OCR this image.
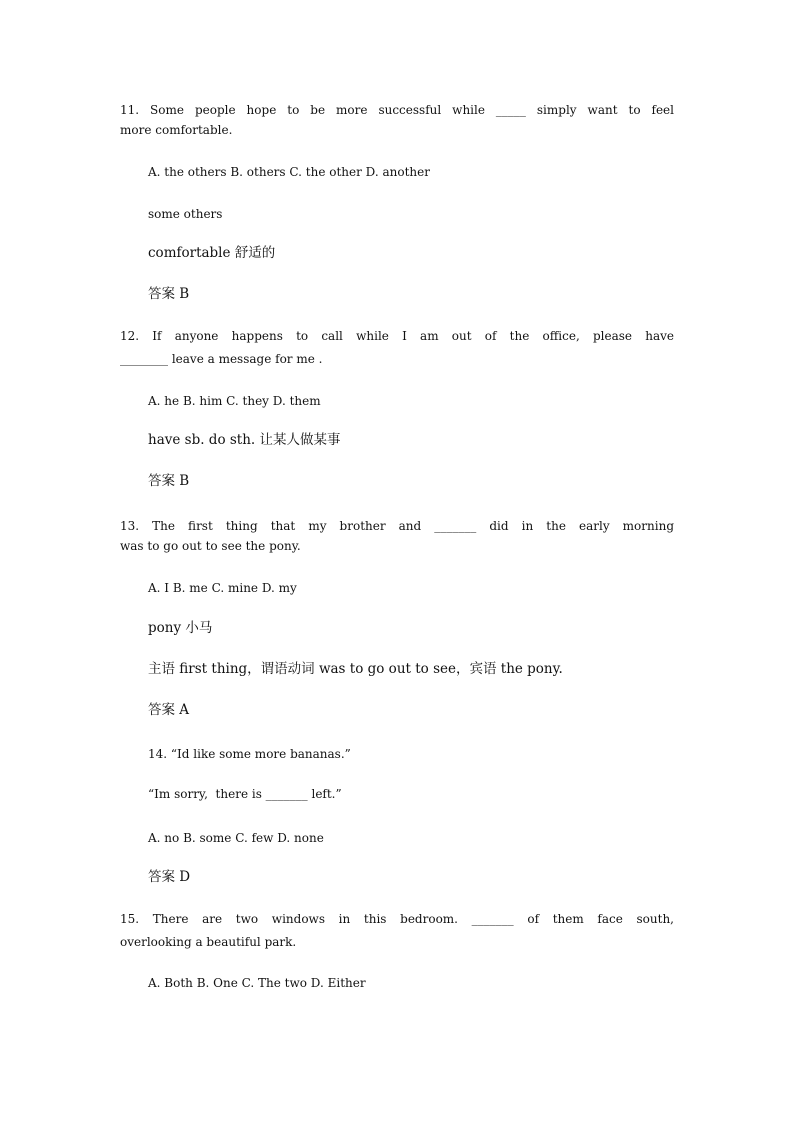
11. Some people hope to be more successful while _____ simply want to feel
more comfortable.
A. the others B. others C. the other D. another
some others
comfortable 舒适的
答案 B
12. If anyone happens to call while I am out of the office, please have
________ leave a message for me .
A. he B. him C. they D. them
have sb. do sth. 让某人做某事
答案 B
13. The first thing that my brother and _______ did in the early morning
was to go out to see the pony.
A. I B. me C. mine D. my
pony 小马
主语 first thing，谓语动词 was to go out to see，宾语 the pony.
答案 A
14. “Id like some more bananas.”
“Im sorry,  there is _______ left.”
A. no B. some C. few D. none
答案 D
15. There are two windows in this bedroom. _______ of them face south,
overlooking a beautiful park.
A. Both B. One C. The two D. Either
